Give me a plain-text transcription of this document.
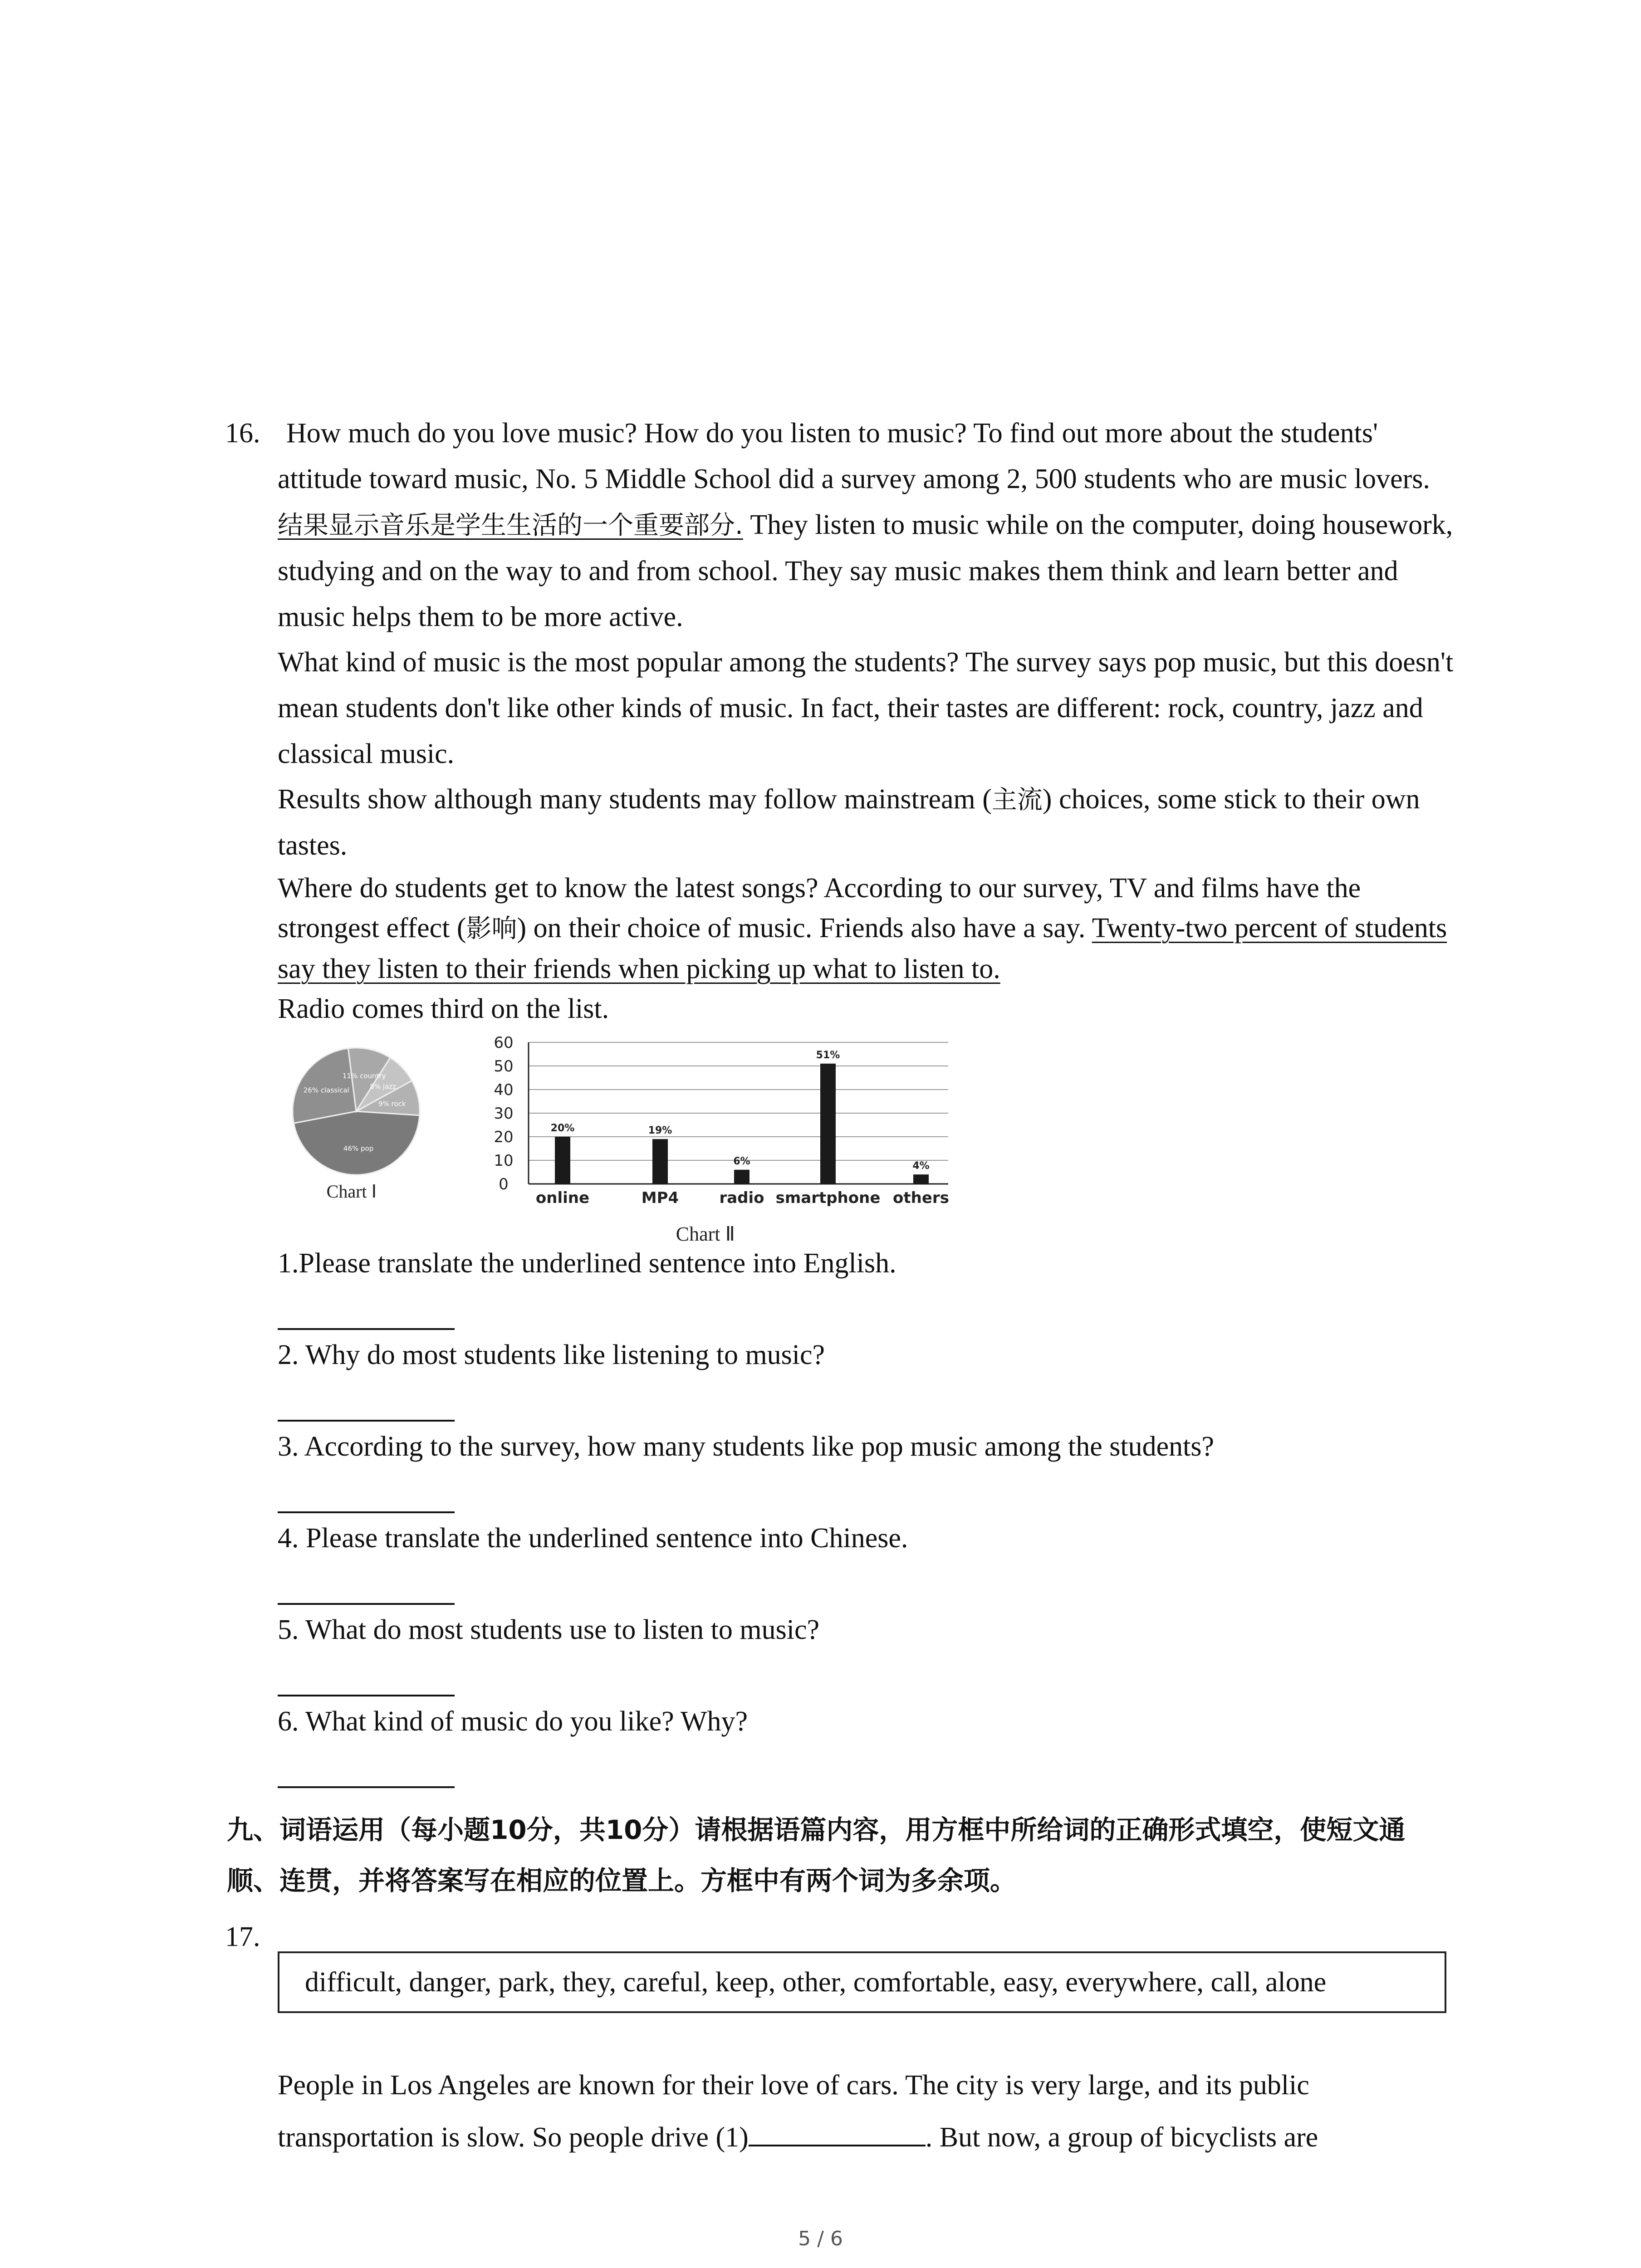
16. How much do you love music? How do you listen to music? To find out more about the students' attitude toward music, No. 5 Middle School did a survey among 2, 500 students who are music lovers. 结果显示音乐是学生生活的一个重要部分. They listen to music while on the computer, doing housework, studying and on the way to and from school. They say music makes them think and learn better and music helps them to be more active.

What kind of music is the most popular among the students? The survey says pop music, but this doesn't mean students don't like other kinds of music. In fact, their tastes are different: rock, country, jazz and classical music.

Results show although many students may follow mainstream (主流) choices, some stick to their own tastes.

Where do students get to know the latest songs? According to our survey, TV and films have the strongest effect (影响) on their choice of music. Friends also have a say. Twenty-two percent of students say they listen to their friends when picking up what to listen to.
Radio comes third on the list.

46% pop
26% classical
11% country
8% jazz
9% rock
Chart Ⅰ	0
10
20
30
40
50
60
20%	19%
6%
51%
4%
online	MP4	radio smartphone others
Chart Ⅱ
1.Please translate the underlined sentence into English.
2. Why do most students like listening to music?
3. According to the survey, how many students like pop music among the students?
4. Please translate the underlined sentence into Chinese.
5. What do most students use to listen to music?
6. What kind of music do you like? Why?
九、词语运用（每小题10分，共10分）请根据语篇内容，用方框中所给词的正确形式填空，使短文通顺、连贯，并将答案写在相应的位置上。方框中有两个词为多余项。
17.
difficult, danger, park, they, careful, keep, other, comfortable, easy, everywhere, call, alone

People in Los Angeles are known for their love of cars. The city is very large, and its public transportation is slow. So people drive (1)	. But now, a group of bicyclists are

5 / 6
